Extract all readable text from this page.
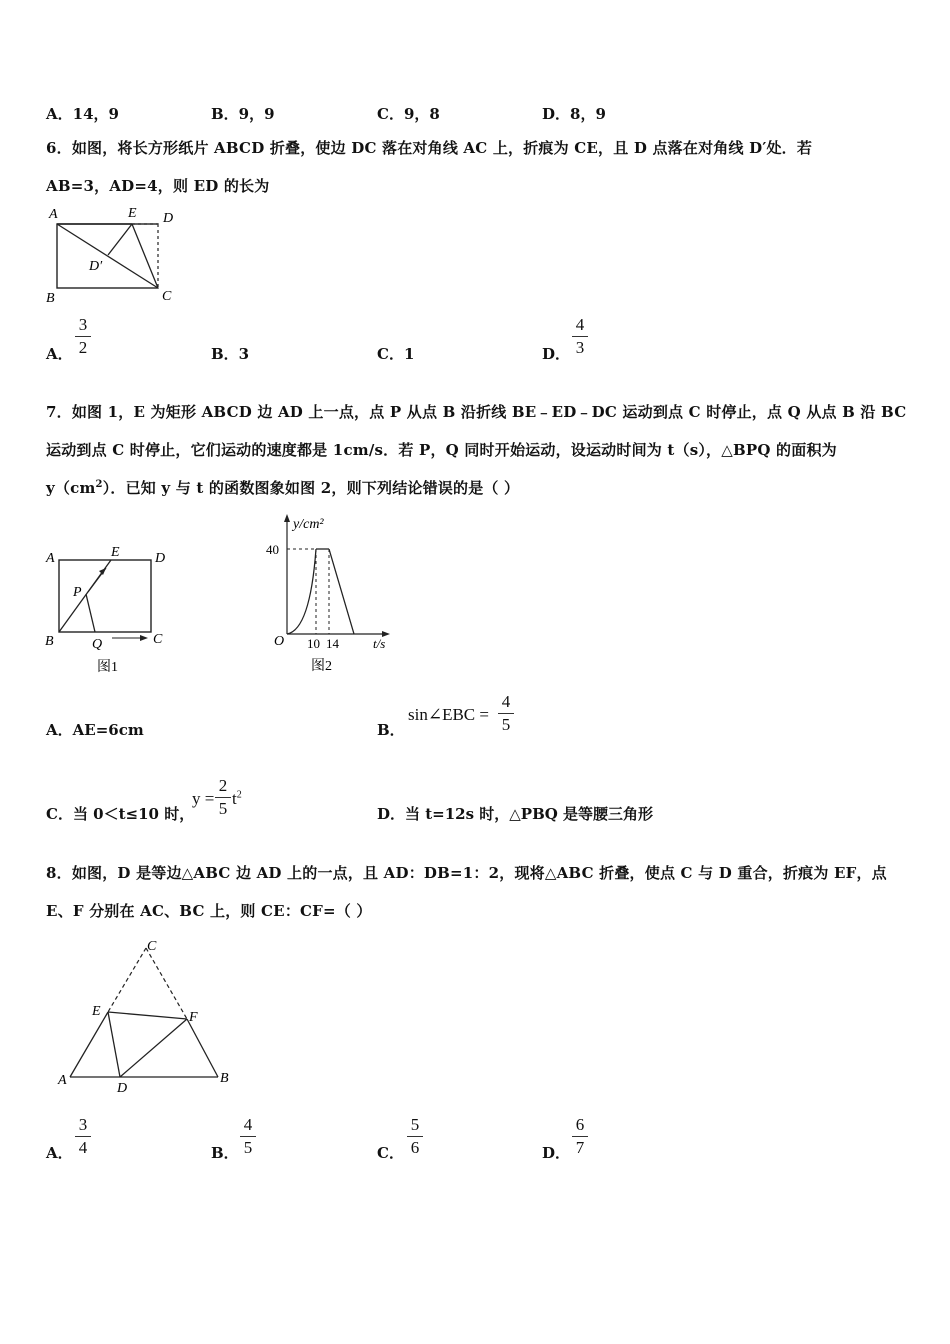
A．14，9	B．9，9	C．9，8	D．8，9
6．如图，将长方形纸片 ABCD 折叠，使边 DC 落在对角线 AC 上，折痕为 CE，且 D 点落在对角线 D′处．若
AB=3，AD=4，则 ED 的长为
A	E D
D′
B	C
A．
3
2	B．3	C．1	D．
4
3
7．如图 1，E 为矩形 ABCD 边 AD 上一点，点 P 从点 B 沿折线 BE﹣ED﹣DC 运动到点 C 时停止，点 Q 从点 B 沿 BC
运动到点 C 时停止，它们运动的速度都是 1cm/s．若 P，Q 同时开始运动，设运动时间为 t（s），△BPQ 的面积为
$y(cm^2)$．已知 y 与 t 的函数图象如图 2，则下列结论错误的是（ ）
A	E	D
P
B	Q	C
图1
y/cm²
40
O 10 14	t/s
图2
A．AE=6cm	B．
sin∠EBC =
4
5
C．当 0＜t≤10 时，
y =
2
5
$t^2$
D．当 t=12s 时，△PBQ 是等腰三角形
8．如图，D 是等边△ABC 边 AD 上的一点，且 AD：DB=1：2，现将△ABC 折叠，使点 C 与 D 重合，折痕为 EF，点
E、F 分别在 AC、BC 上，则 CE：CF=（ ）
C
E	F
A
D
B
A．
3
4	B．
4
5	C．
5
6	D．
6
7
